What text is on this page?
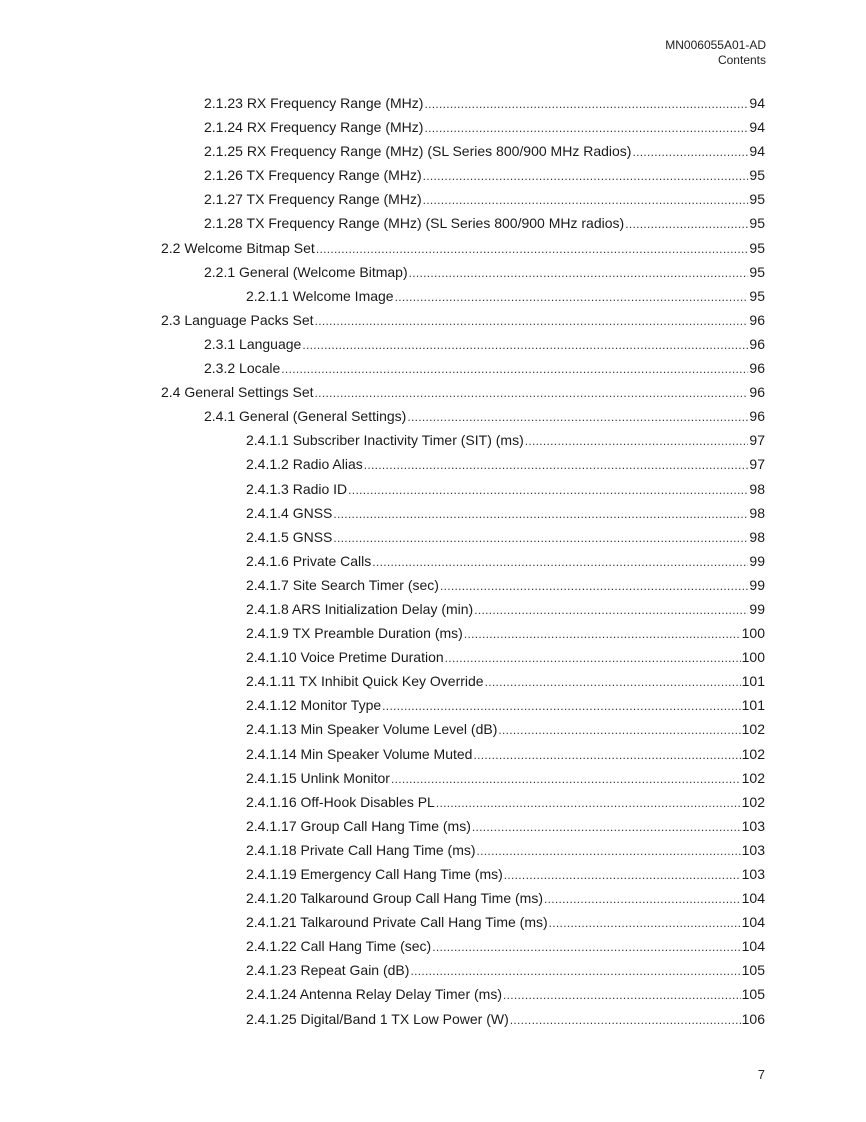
MN006055A01-AD
Contents
2.1.23 RX Frequency Range (MHz) .....	94
2.1.24 RX Frequency Range (MHz) .....	94
2.1.25 RX Frequency Range (MHz) (SL Series 800/900 MHz Radios) .....	94
2.1.26 TX Frequency Range (MHz) .....	95
2.1.27 TX Frequency Range (MHz) .....	95
2.1.28 TX Frequency Range (MHz) (SL Series 800/900 MHz radios) .....	95
2.2 Welcome Bitmap Set .....	95
2.2.1 General (Welcome Bitmap) .....	95
2.2.1.1 Welcome Image .....	95
2.3 Language Packs Set .....	96
2.3.1 Language .....	96
2.3.2 Locale .....	96
2.4 General Settings Set .....	96
2.4.1 General (General Settings) .....	96
2.4.1.1 Subscriber Inactivity Timer (SIT) (ms) .....	97
2.4.1.2 Radio Alias .....	97
2.4.1.3 Radio ID .....	98
2.4.1.4 GNSS .....	98
2.4.1.5 GNSS .....	98
2.4.1.6 Private Calls .....	99
2.4.1.7 Site Search Timer (sec) .....	99
2.4.1.8 ARS Initialization Delay (min) .....	99
2.4.1.9 TX Preamble Duration (ms) .....	100
2.4.1.10 Voice Pretime Duration .....	100
2.4.1.11 TX Inhibit Quick Key Override .....	101
2.4.1.12 Monitor Type .....	101
2.4.1.13 Min Speaker Volume Level (dB) .....	102
2.4.1.14 Min Speaker Volume Muted .....	102
2.4.1.15 Unlink Monitor .....	102
2.4.1.16 Off-Hook Disables PL .....	102
2.4.1.17 Group Call Hang Time (ms) .....	103
2.4.1.18 Private Call Hang Time (ms) .....	103
2.4.1.19 Emergency Call Hang Time (ms) .....	103
2.4.1.20 Talkaround Group Call Hang Time (ms) .....	104
2.4.1.21 Talkaround Private Call Hang Time (ms) .....	104
2.4.1.22 Call Hang Time (sec) .....	104
2.4.1.23 Repeat Gain (dB) .....	105
2.4.1.24 Antenna Relay Delay Timer (ms) .....	105
2.4.1.25 Digital/Band 1 TX Low Power (W) .....	106
7
